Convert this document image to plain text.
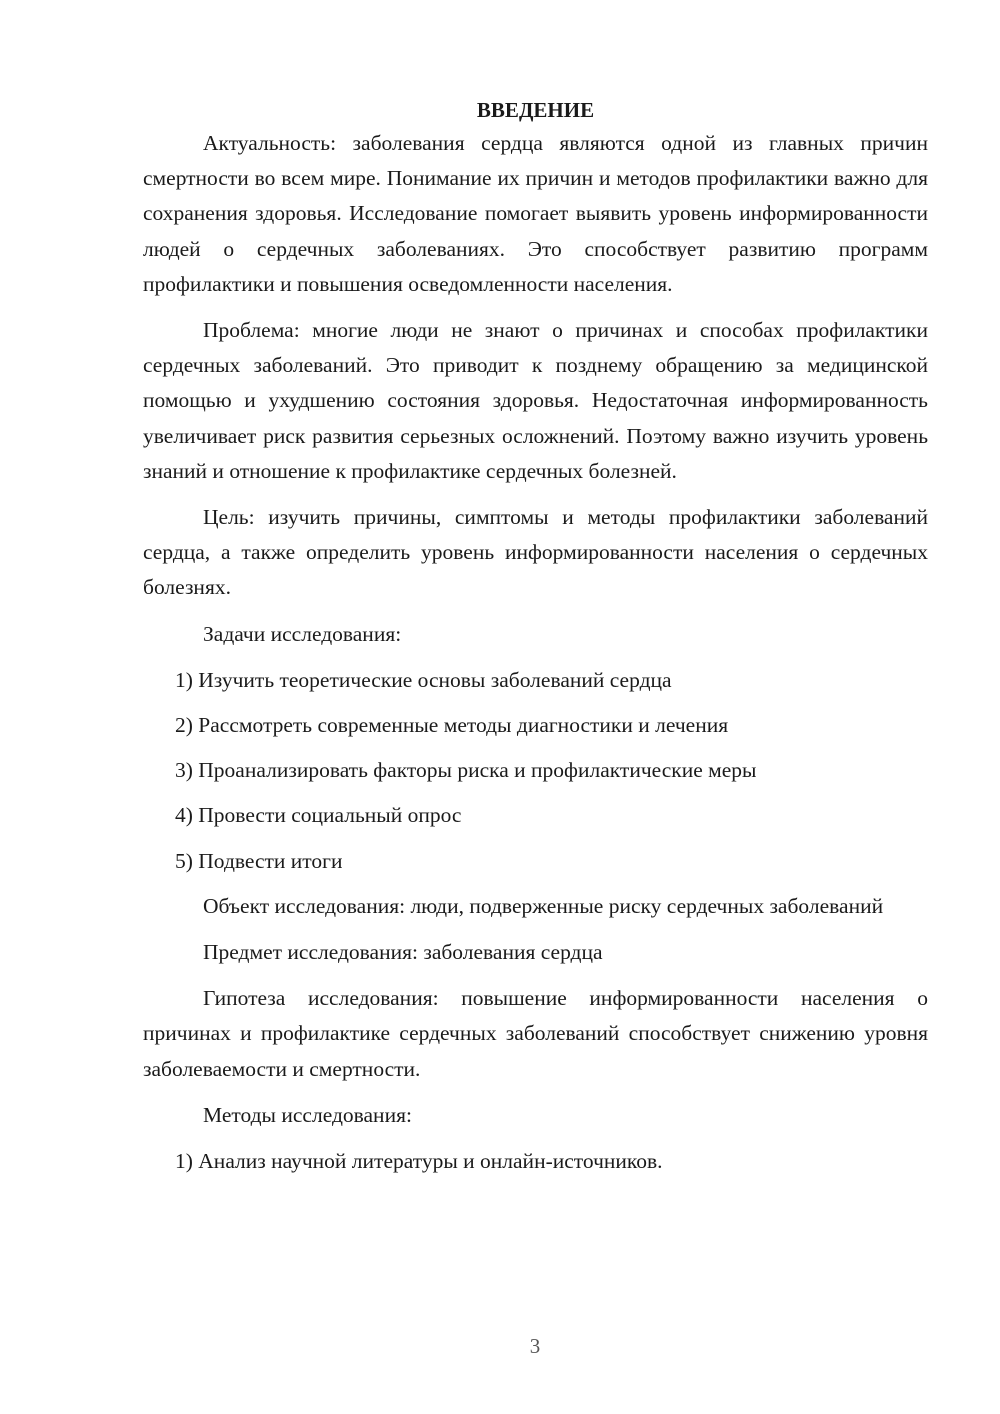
ВВЕДЕНИЕ

Актуальность: заболевания сердца являются одной из главных причин смертности во всем мире. Понимание их причин и методов профилактики важно для сохранения здоровья. Исследование помогает выявить уровень информированности людей о сердечных заболеваниях. Это способствует развитию программ профилактики и повышения осведомленности населения.

Проблема: многие люди не знают о причинах и способах профилактики сердечных заболеваний. Это приводит к позднему обращению за медицинской помощью и ухудшению состояния здоровья. Недостаточная информированность увеличивает риск развития серьезных осложнений. Поэтому важно изучить уровень знаний и отношение к профилактике сердечных болезней.

Цель: изучить причины, симптомы и методы профилактики заболеваний сердца, а также определить уровень информированности населения о сердечных болезнях.

Задачи исследования:

1) Изучить теоретические основы заболеваний сердца

2) Рассмотреть современные методы диагностики и лечения

3) Проанализировать факторы риска и профилактические меры

4) Провести социальный опрос

5) Подвести итоги

Объект исследования: люди, подверженные риску сердечных заболеваний

Предмет исследования: заболевания сердца

Гипотеза исследования: повышение информированности населения о причинах и профилактике сердечных заболеваний способствует снижению уровня заболеваемости и смертности.

Методы исследования:

1) Анализ научной литературы и онлайн-источников.

3
